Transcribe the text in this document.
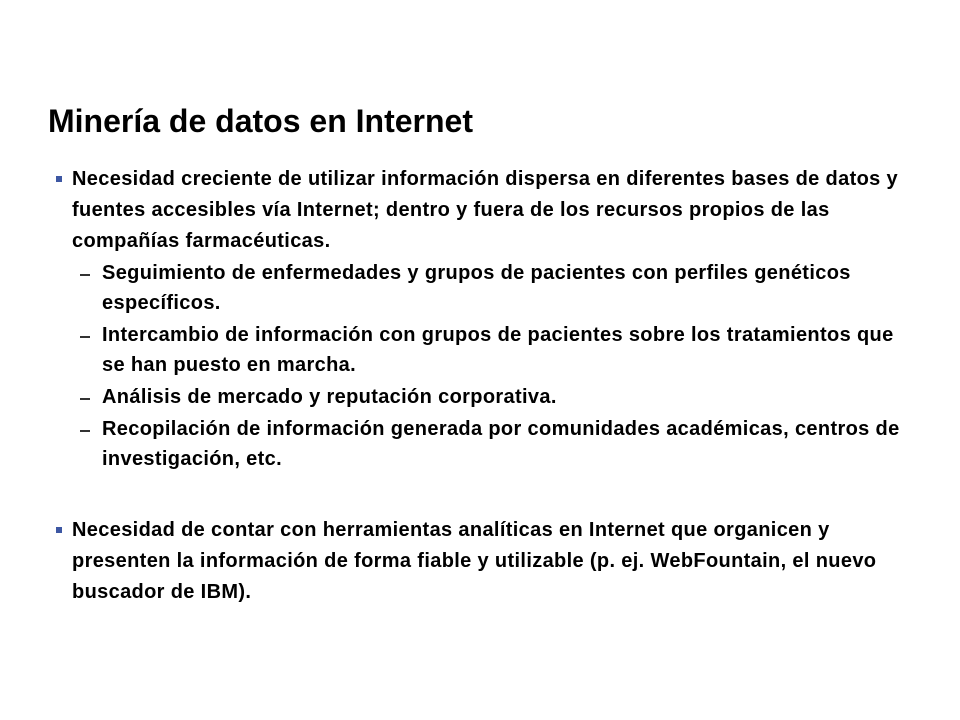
Minería de datos en Internet
Necesidad creciente de utilizar información dispersa en diferentes bases de datos y fuentes accesibles vía Internet; dentro y fuera de los recursos propios de las compañías farmacéuticas.
Seguimiento de enfermedades y grupos de pacientes con perfiles genéticos específicos.
Intercambio de información con grupos de pacientes sobre los tratamientos que se han puesto en marcha.
Análisis de mercado y reputación corporativa.
Recopilación de información generada por comunidades académicas, centros de investigación, etc.
Necesidad de contar con herramientas analíticas en Internet que organicen y presenten la información de forma fiable y utilizable (p. ej. WebFountain, el nuevo buscador de IBM).
